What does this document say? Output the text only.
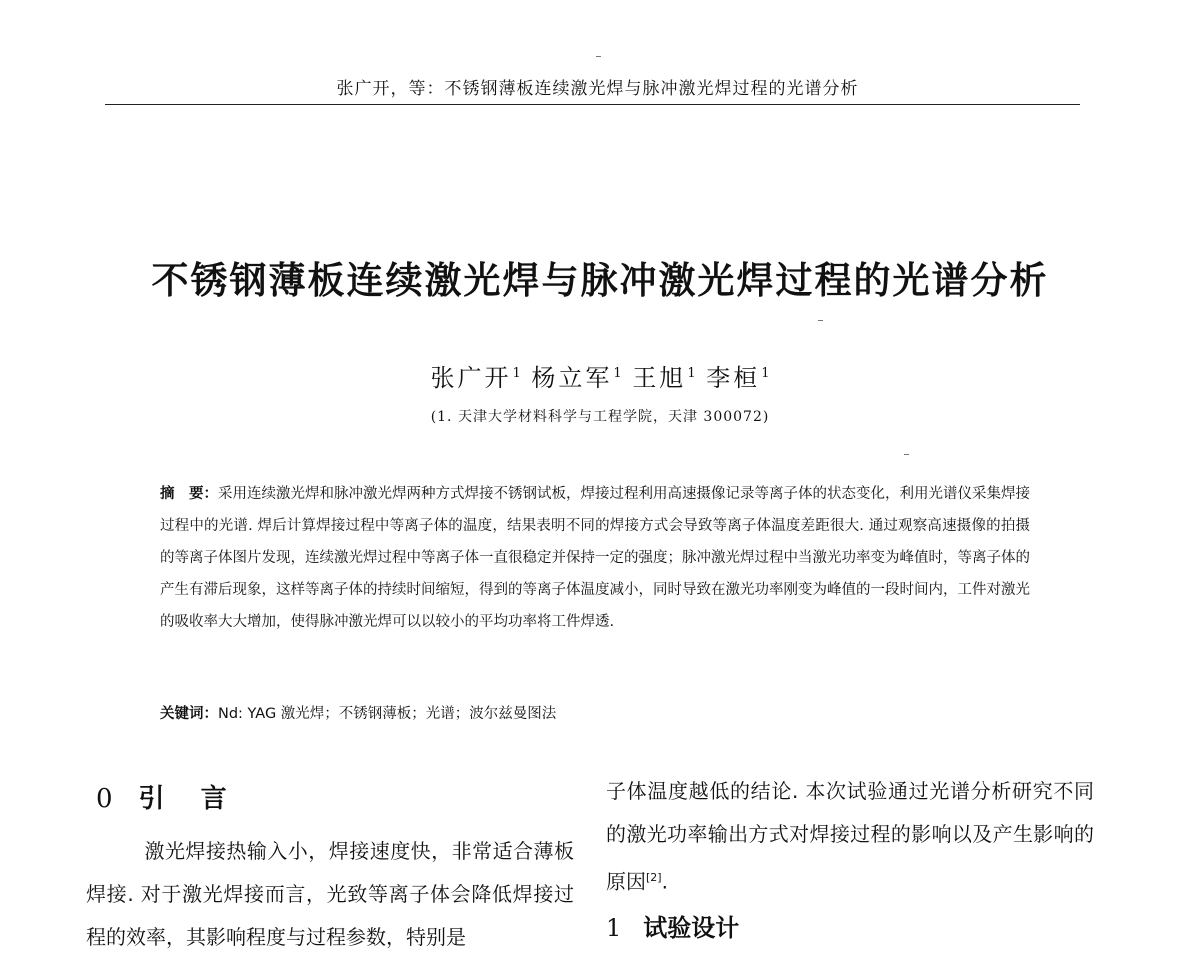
张广开，等：不锈钢薄板连续激光焊与脉冲激光焊过程的光谱分析
不锈钢薄板连续激光焊与脉冲激光焊过程的光谱分析
张广开$^1$ 杨立军$^1$ 王旭$^1$ 李桓$^1$
(1. 天津大学材料科学与工程学院，天津 300072)
摘　要：采用连续激光焊和脉冲激光焊两种方式焊接不锈钢试板，焊接过程利用高速摄像记录等离子体的状态变化，利用光谱仪采集焊接过程中的光谱. 焊后计算焊接过程中等离子体的温度，结果表明不同的焊接方式会导致等离子体温度差距很大. 通过观察高速摄像的拍摄的等离子体图片发现，连续激光焊过程中等离子体一直很稳定并保持一定的强度；脉冲激光焊过程中当激光功率变为峰值时，等离子体的产生有滞后现象，这样等离子体的持续时间缩短，得到的等离子体温度减小，同时导致在激光功率刚变为峰值的一段时间内，工件对激光的吸收率大大增加，使得脉冲激光焊可以以较小的平均功率将工件焊透.
关键词：Nd: YAG 激光焊；不锈钢薄板；光谱；波尔兹曼图法
0 引 言
激光焊接热输入小，焊接速度快，非常适合薄板焊接. 对于激光焊接而言，光致等离子体会降低焊接过程的效率，其影响程度与过程参数，特别是
子体温度越低的结论. 本次试验通过光谱分析研究不同的激光功率输出方式对焊接过程的影响以及产生影响的原因[2].
1 试验设计
